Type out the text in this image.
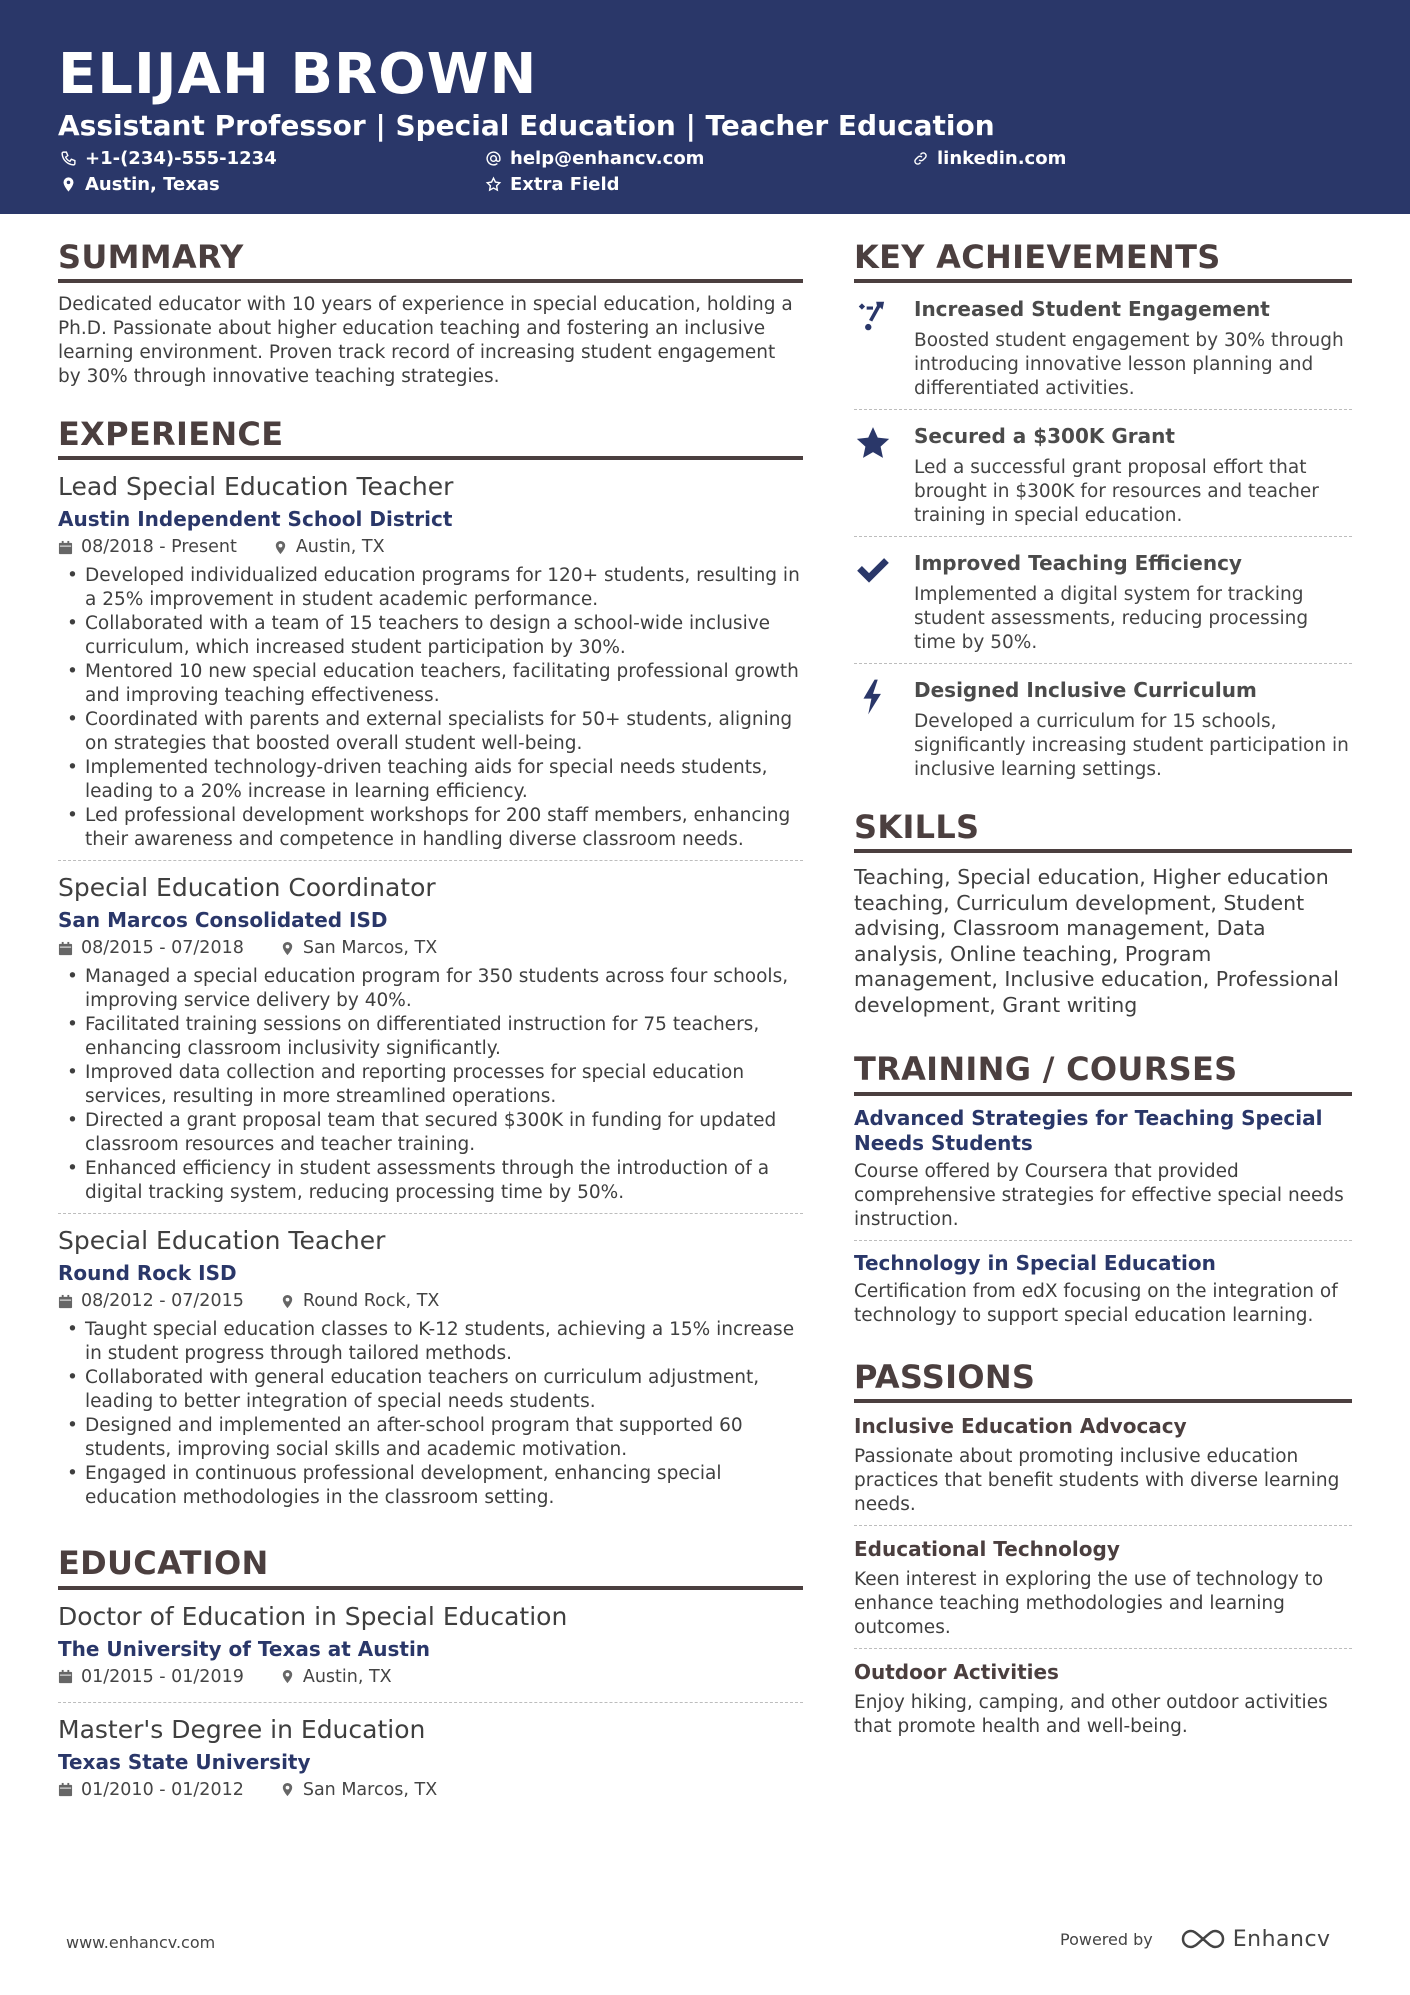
ELIJAH BROWN
Assistant Professor | Special Education | Teacher Education
+1-(234)-555-1234	help@enhancv.com	linkedin.com
Austin, Texas	Extra Field
SUMMARY
Dedicated educator with 10 years of experience in special education, holding a Ph.D. Passionate about higher education teaching and fostering an inclusive learning environment. Proven track record of increasing student engagement by 30% through innovative teaching strategies.
EXPERIENCE
Lead Special Education Teacher
Austin Independent School District
08/2018 - Present	Austin, TX
• Developed individualized education programs for 120+ students, resulting in a 25% improvement in student academic performance.
• Collaborated with a team of 15 teachers to design a school-wide inclusive curriculum, which increased student participation by 30%.
• Mentored 10 new special education teachers, facilitating professional growth and improving teaching effectiveness.
• Coordinated with parents and external specialists for 50+ students, aligning on strategies that boosted overall student well-being.
• Implemented technology-driven teaching aids for special needs students, leading to a 20% increase in learning efficiency.
• Led professional development workshops for 200 staff members, enhancing their awareness and competence in handling diverse classroom needs.
Special Education Coordinator
San Marcos Consolidated ISD
08/2015 - 07/2018	San Marcos, TX
• Managed a special education program for 350 students across four schools, improving service delivery by 40%.
• Facilitated training sessions on differentiated instruction for 75 teachers, enhancing classroom inclusivity significantly.
• Improved data collection and reporting processes for special education services, resulting in more streamlined operations.
• Directed a grant proposal team that secured $300K in funding for updated classroom resources and teacher training.
• Enhanced efficiency in student assessments through the introduction of a digital tracking system, reducing processing time by 50%.
Special Education Teacher
Round Rock ISD
08/2012 - 07/2015	Round Rock, TX
• Taught special education classes to K-12 students, achieving a 15% increase in student progress through tailored methods.
• Collaborated with general education teachers on curriculum adjustment, leading to better integration of special needs students.
• Designed and implemented an after-school program that supported 60 students, improving social skills and academic motivation.
• Engaged in continuous professional development, enhancing special education methodologies in the classroom setting.
EDUCATION
Doctor of Education in Special Education
The University of Texas at Austin
01/2015 - 01/2019	Austin, TX
Master's Degree in Education
Texas State University
01/2010 - 01/2012	San Marcos, TX
KEY ACHIEVEMENTS
Increased Student Engagement
Boosted student engagement by 30% through introducing innovative lesson planning and differentiated activities.
Secured a $300K Grant
Led a successful grant proposal effort that brought in $300K for resources and teacher training in special education.
Improved Teaching Efficiency
Implemented a digital system for tracking student assessments, reducing processing time by 50%.
Designed Inclusive Curriculum
Developed a curriculum for 15 schools, significantly increasing student participation in inclusive learning settings.
SKILLS
Teaching, Special education, Higher education teaching, Curriculum development, Student advising, Classroom management, Data analysis, Online teaching, Program management, Inclusive education, Professional development, Grant writing
TRAINING / COURSES
Advanced Strategies for Teaching Special Needs Students
Course offered by Coursera that provided comprehensive strategies for effective special needs instruction.
Technology in Special Education
Certification from edX focusing on the integration of technology to support special education learning.
PASSIONS
Inclusive Education Advocacy
Passionate about promoting inclusive education practices that benefit students with diverse learning needs.
Educational Technology
Keen interest in exploring the use of technology to enhance teaching methodologies and learning outcomes.
Outdoor Activities
Enjoy hiking, camping, and other outdoor activities that promote health and well-being.
www.enhancv.com	Powered by	Enhancv
